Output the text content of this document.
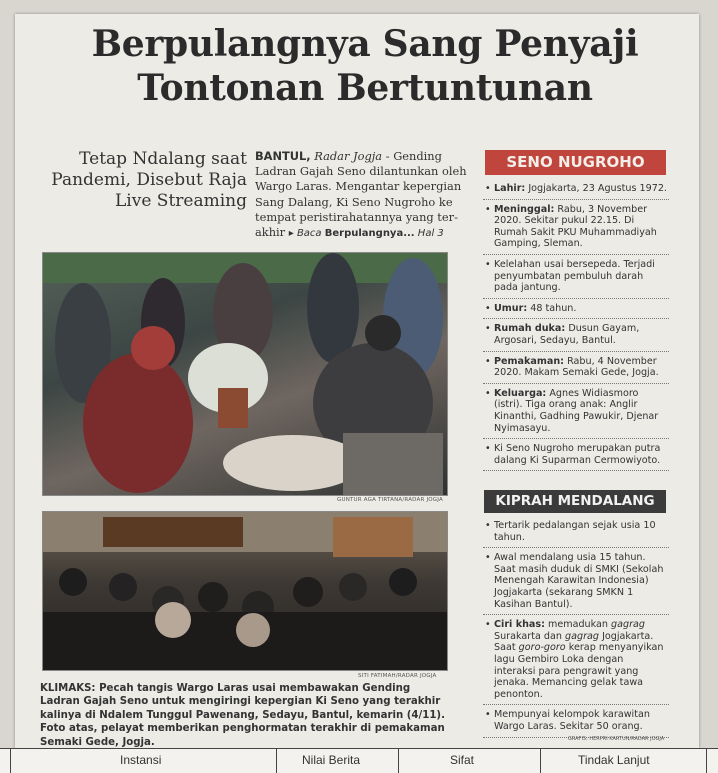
Berpulangnya Sang Penyaji
Tontonan Bertuntunan
Tetap Ndalang saat Pandemi, Disebut Raja Live Streaming
BANTUL, Radar Jogja - Gending Ladran Gajah Seno dilantunkan oleh Wargo Laras. Mengantar kepergian Sang Dalang, Ki Seno Nugroho ke tempat peristirahatannya yang ter-akhir ▸ Baca Berpulangnya... Hal 3
GUNTUR AGA TIRTANA/RADAR JOGJA
SITI FATIMAH/RADAR JOGJA
KLIMAKS: Pecah tangis Wargo Laras usai membawakan Gending Ladran Gajah Seno untuk mengiringi kepergian Ki Seno yang terakhir kalinya di Ndalem Tunggul Pawenang, Sedayu, Bantul, kemarin (4/11). Foto atas, pelayat memberikan penghormatan terakhir di pemakaman Semaki Gede, Jogja.
SENO NUGROHO
• Lahir: Jogjakarta, 23 Agustus 1972.
• Meninggal: Rabu, 3 November 2020. Sekitar pukul 22.15. Di Rumah Sakit PKU Muhammadiyah Gamping, Sleman.
• Kelelahan usai bersepeda. Terjadi penyumbatan pembuluh darah pada jantung.
• Umur: 48 tahun.
• Rumah duka: Dusun Gayam, Argosari, Sedayu, Bantul.
• Pemakaman: Rabu, 4 November 2020. Makam Semaki Gede, Jogja.
• Keluarga: Agnes Widiasmoro (istri). Tiga orang anak: Anglir Kinanthi, Gadhing Pawukir, Djenar Nyimasayu.
• Ki Seno Nugroho merupakan putra dalang Ki Suparman Cermowiyoto.
KIPRAH MENDALANG
• Tertarik pedalangan sejak usia 10 tahun.
• Awal mendalang usia 15 tahun. Saat masih duduk di SMKI (Sekolah Menengah Karawitan Indonesia) Jogjakarta (sekarang SMKN 1 Kasihan Bantul).
• Ciri khas: memadukan gagrag Surakarta dan gagrag Jogjakarta. Saat goro-goro kerap menyanyikan lagu Gembiro Loka dengan interaksi para pengrawit yang jenaka. Memancing gelak tawa penonton.
• Mempunyai kelompok karawitan Wargo Laras. Sekitar 50 orang.
GRAFIS: HERPRI KARTUN/RADAR JOGJA
Instansi	Nilai Berita	Sifat	Tindak Lanjut
